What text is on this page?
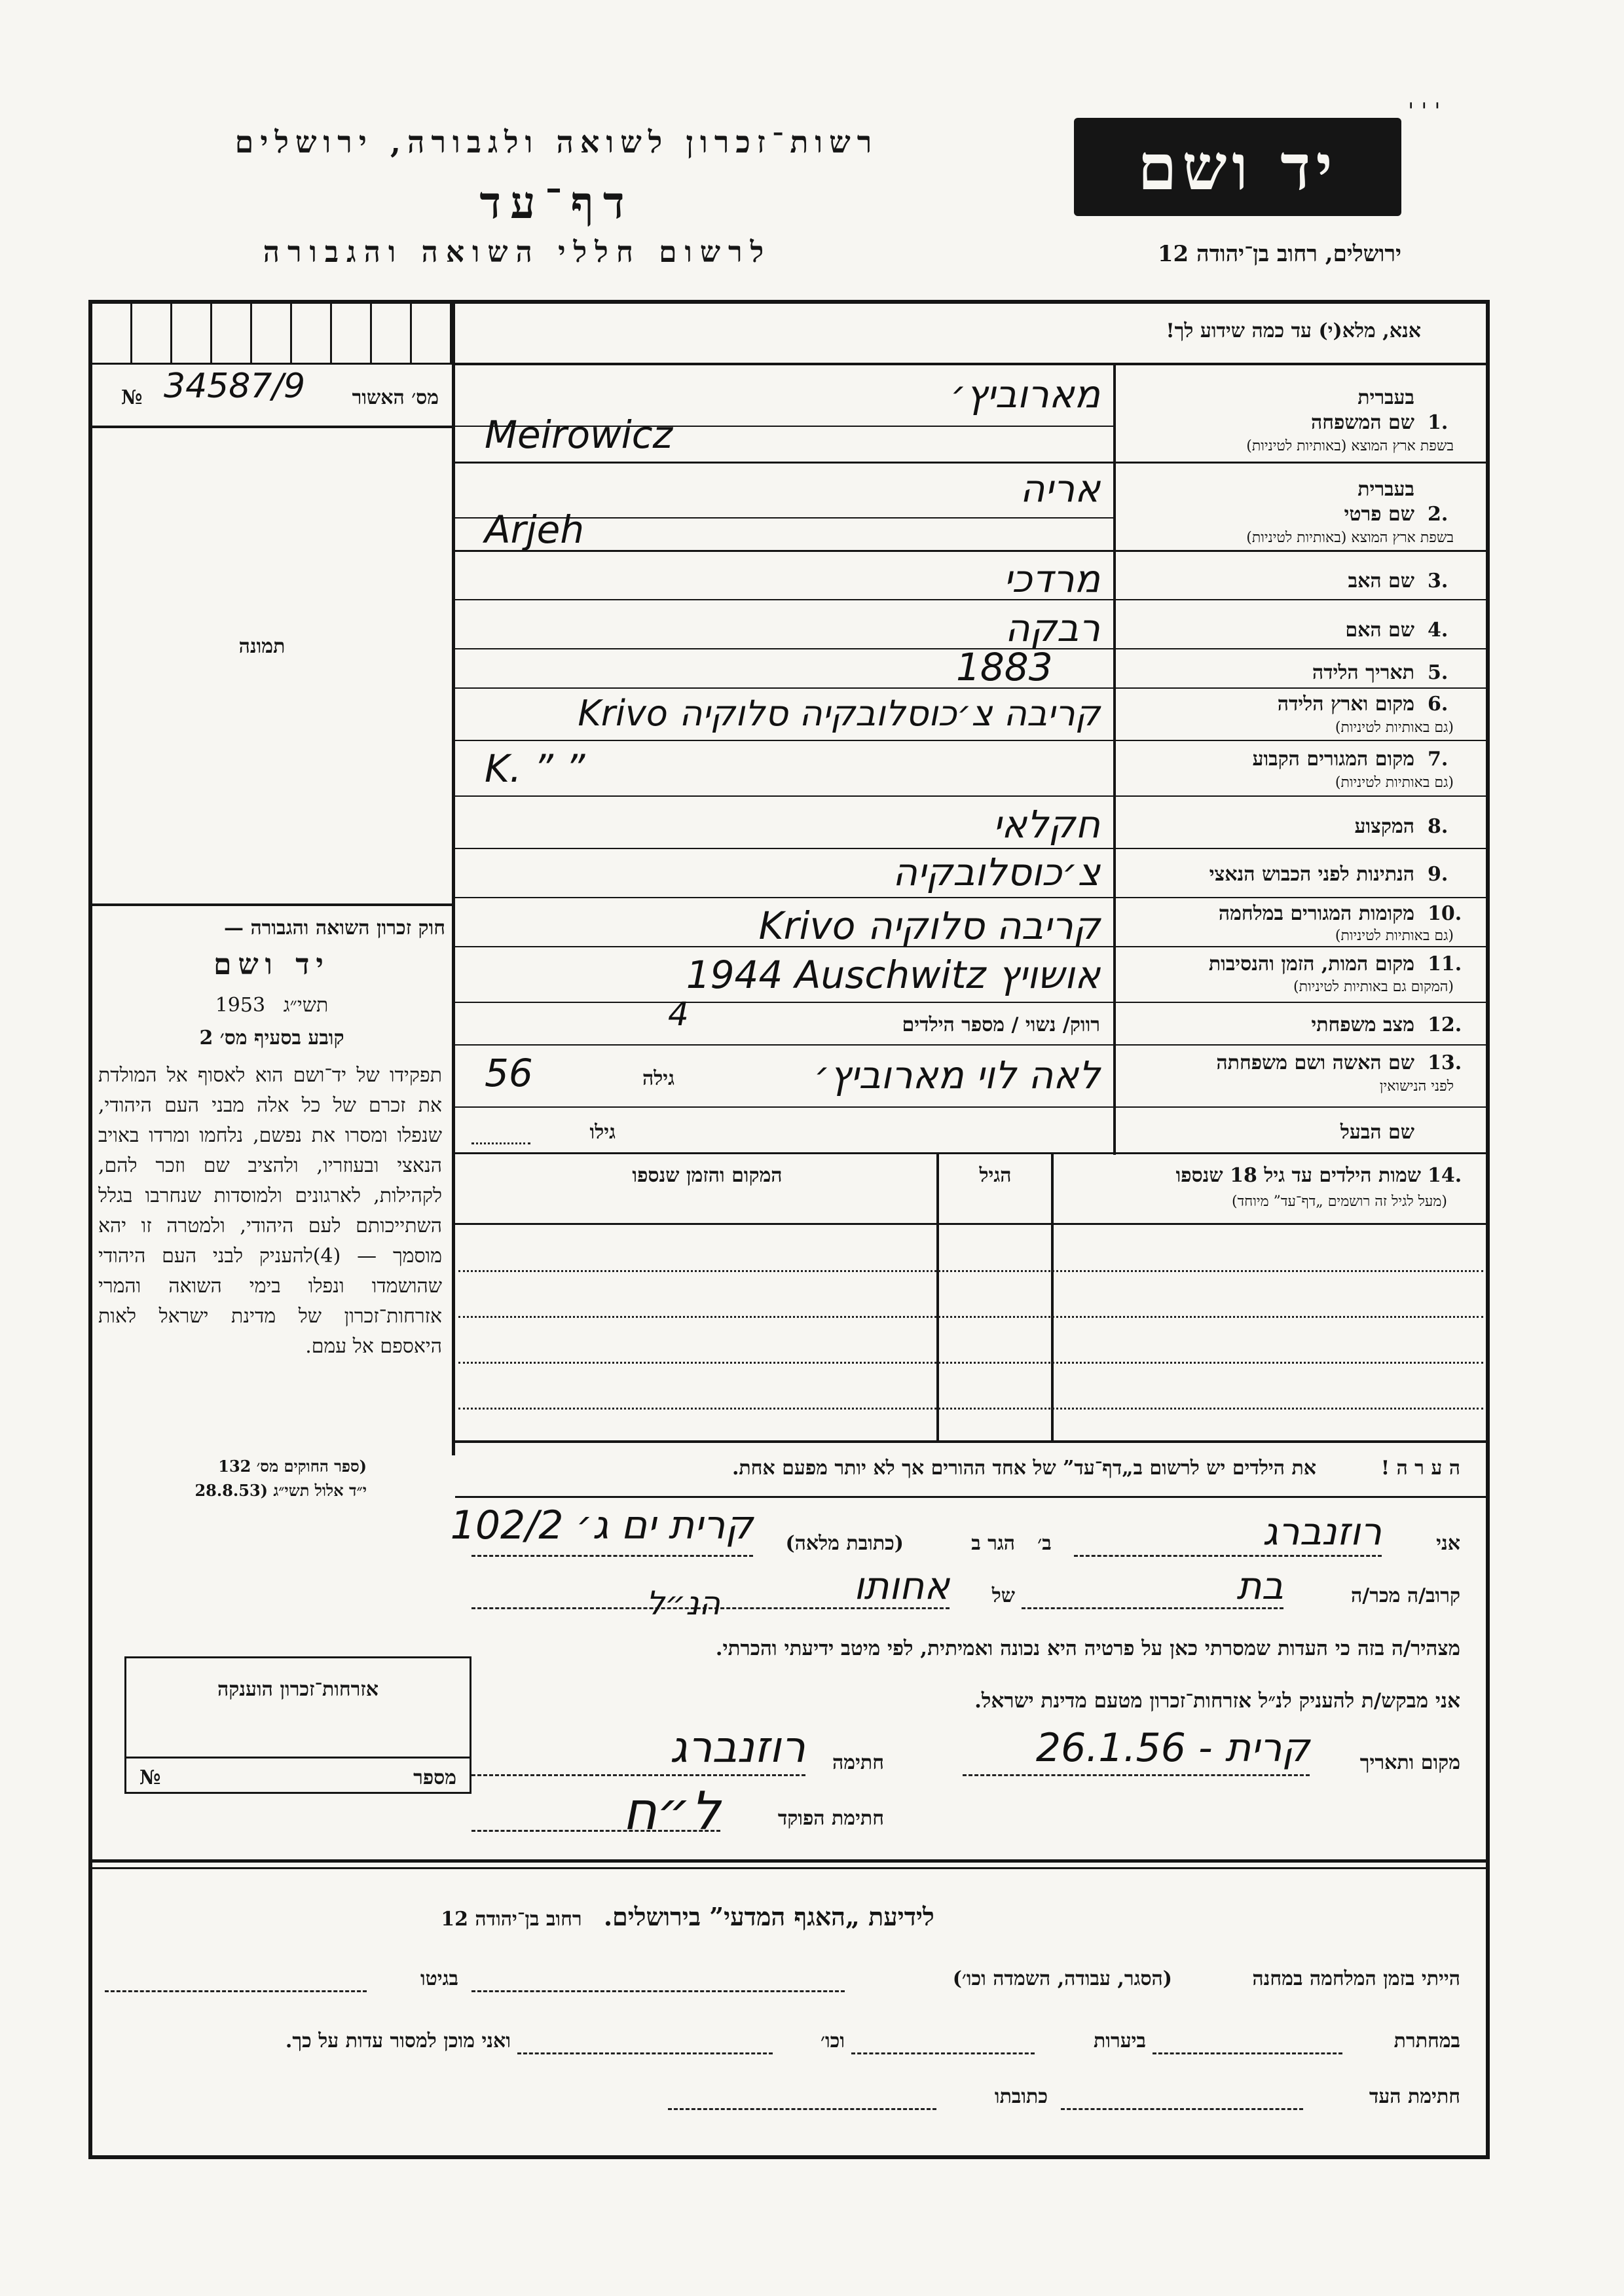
' ' '
רשות־זכרון לשואה ולגבורה, ירושלים
דף־עד
לרשום חללי השואה והגבורה
יד ושם
ירושלים, רחוב בן־יהודה 12
№ 34587/9	מס׳ האשור
תמונה
חוק זכרון השואה והגבורה —
יד ושם
1953 תשי״ג
קובע בסעיף מס׳ 2
תפקידו של יד־ושם הוא לאסוף אל המולדת את זכרם של כל אלה מבני העם היהודי, שנפלו ומסרו את נפשם, נלחמו ומרדו באויב הנאצי ובעוזריו, ולהציב שם וזכר להם, לקהילות, לארגונים ולמוסדות שנחרבו בגלל השתייכותם לעם היהודי, ולמטרה זו יהא מוסמך — (4)להעניק לבני העם היהודי שהושמדו ונפלו בימי השואה והמרי אזרחות־זכרון של מדינת ישראל לאות היאספם אל עמם.
(ספר החוקים מס׳ 132
י״ד אלול תשי״ג (28.8.53
אזרחות־זכרון הוענקה
№	מספר
אנא, מלא(י) עד כמה שידוע לך!
בעברית
1.
שם המשפחה
בשפת ארץ המוצא (באותיות לטיניות)
מארוביץ׳
Meirowicz
בעברית
2.
שם פרטי
בשפת ארץ המוצא (באותיות לטיניות)
אריה
Arjeh
3.
שם האב
מרדכי
4.
שם האם
רבקה
5.
תאריך הלידה
1883
6.
מקום וארץ הלידה
(גם באותיות לטיניות)
Krivo קריבה צ׳כוסלובקיה סלוקיה
7.
מקום המגורים הקבוע
(גם באותיות לטיניות)
K. ” ”
8.
המקצוע
חקלאי
9.
הנתינות לפני הכבוש הנאצי
צ׳כוסלובקיה
10.
מקומות המגורים במלחמה
(גם באותיות לטיניות)
Krivo קריבה סלוקיה
11.
מקום המות, הזמן והנסיבות
(המקום גם באותיות לטיניות)
1944 Auschwitz אושויץ
12.
מצב משפחתי
רווק/ נשוי / מספר הילדים
4
13.
שם האשה ושם משפחתה
לפני הנישואין
לאה לוי מארוביץ׳
גילה
56
שם הבעל
גילו
14.
שמות הילדים עד גיל 18 שנספו
(מעל לגיל זה רושמים „דף־עד” מיוחד)
הגיל
המקום והזמן שנספו
ה ע ר ה !
את הילדים יש לרשום ב„דף־עד” של אחד ההורים אך לא יותר מפעם אחת.
אני
רוזנברג
ב׳
הגר ב
(כתובת מלאה)
קרית ים ג׳ 102/2
קרוב/ה מכר/ה
בת
של
אחותו
הנ״ל
מצהיר/ה בזה כי העדות שמסרתי כאן על פרטיה היא נכונה ואמיתית, לפי מיטב ידיעתי והכרתי.
אני מבקש/ת להעניק לנ״ל אזרחות־זכרון מטעם מדינת ישראל.
מקום ותאריך
קרית - 26.1.56
חתימה
רוזנברג
חתימת הפוקד
ל״ח
לידיעת „האגף המדעי” בירושלים. רחוב בן־יהודה 12
הייתי בזמן המלחמה במחנה
(הסגר, עבודה, השמדה וכו׳)
בגיטו
במחתרת
ביערות
וכו׳
ואני מוכן למסור עדות על כך.
חתימת העד
כתובתו
